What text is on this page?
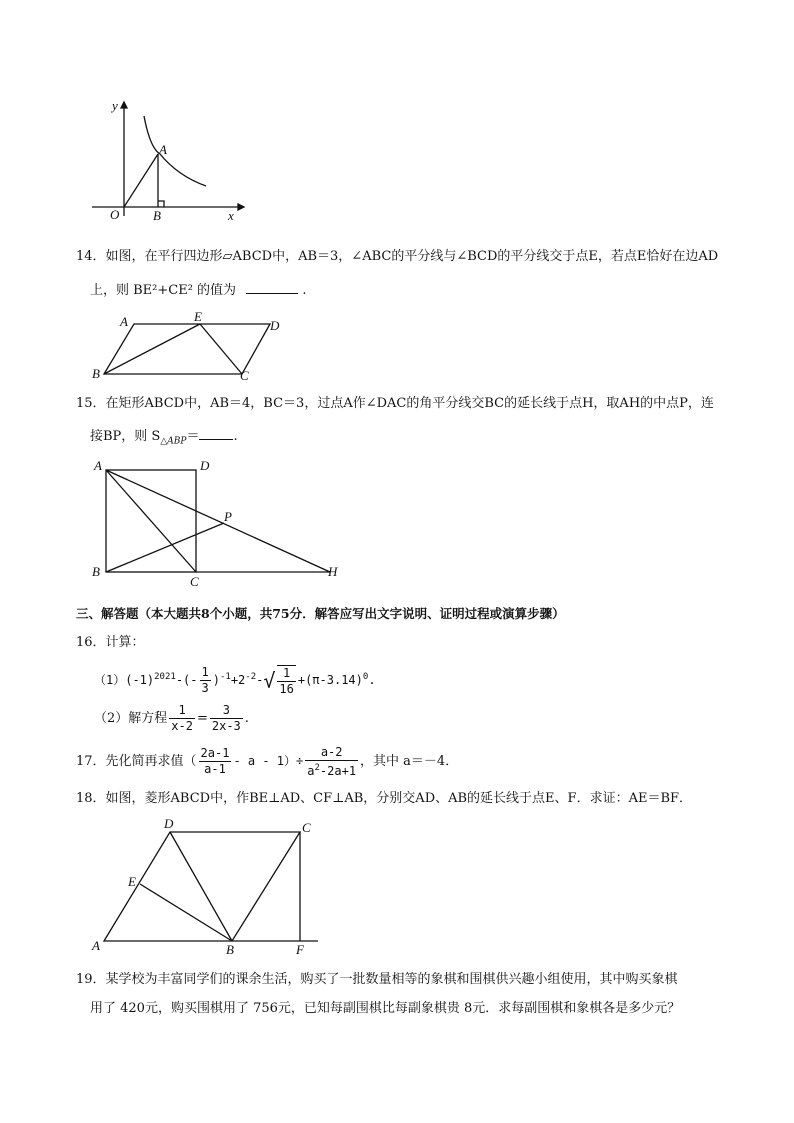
y
x
O
A
B
14．如图，在平行四边形▱ABCD中，AB＝3，∠ABC的平分线与∠BCD的平分线交于点E，若点E恰好在边AD
上，则 BE²+CE² 的值为	.
A	E
D
B	C
15．在矩形ABCD中，AB＝4，BC＝3，过点A作∠DAC的角平分线交BC的延长线于点H，取AH的中点P，连
接BP，则 $S_{\triangle ABP}=$	.
A	D
P
B
C
H
三、解答题（本大题共8个小题，共75分．解答应写出文字说明、证明过程或演算步骤）
16．计算：
$(1)(-1)^{2021}-(- \frac{1}{3} )^{-1}+2^{-2}-√ \frac{1}{16} +(\pi-3.14)^0$.
（2）解方程 $\frac{1}{x-2} = \frac{3}{2x-3}$ .
17．先化简再求值（ $\frac{2a-1}{a-1} - a - 1)\div \frac{a-2}{a^2-2a+1}$ ，其中 a＝－4．
18．如图，菱形ABCD中，作BE⊥AD、CF⊥AB，分别交AD、AB的延长线于点E、F．求证：AE＝BF．
D	C
E
A	B	F
19．某学校为丰富同学们的课余生活，购买了一批数量相等的象棋和围棋供兴趣小组使用，其中购买象棋
用了 420元，购买围棋用了 756元，已知每副围棋比每副象棋贵 8元．求每副围棋和象棋各是多少元？
